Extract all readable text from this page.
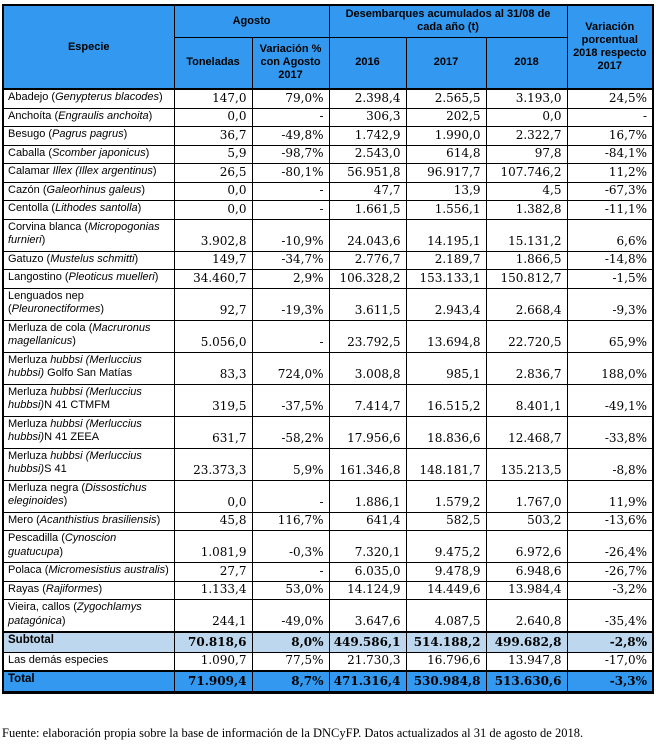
Especie	Agosto		Desembarques acumulados al 31/08 de cada año (t)			Variación porcentual 2018 respecto 2017
	Toneladas	Variación % con Agosto 2017	2016	2017	2018	
Abadejo (Genypterus blacodes)	147,0	79,0%	2.398,4	2.565,5	3.193,0	24,5%
Anchoíta (Engraulis anchoita)	0,0	-	306,3	202,5	0,0	-
Besugo (Pagrus pagrus)	36,7	-49,8%	1.742,9	1.990,0	2.322,7	16,7%
Caballa (Scomber japonicus)	5,9	-98,7%	2.543,0	614,8	97,8	-84,1%
Calamar Illex (Illex argentinus)	26,5	-80,1%	56.951,8	96.917,7	107.746,2	11,2%
Cazón (Galeorhinus galeus)	0,0	-	47,7	13,9	4,5	-67,3%
Centolla (Lithodes santolla)	0,0	-	1.661,5	1.556,1	1.382,8	-11,1%
Corvina blanca (Micropogonias furnieri)	3.902,8	-10,9%	24.043,6	14.195,1	15.131,2	6,6%
Gatuzo (Mustelus schmitti)	149,7	-34,7%	2.776,7	2.189,7	1.866,5	-14,8%
Langostino (Pleoticus muelleri)	34.460,7	2,9%	106.328,2	153.133,1	150.812,7	-1,5%
Lenguados nep (Pleuronectiformes)	92,7	-19,3%	3.611,5	2.943,4	2.668,4	-9,3%
Merluza de cola (Macruronus magellanicus)	5.056,0	-	23.792,5	13.694,8	22.720,5	65,9%
Merluza hubbsi (Merluccius hubbsi) Golfo San Matías	83,3	724,0%	3.008,8	985,1	2.836,7	188,0%
Merluza hubbsi (Merluccius hubbsi)N 41 CTMFM	319,5	-37,5%	7.414,7	16.515,2	8.401,1	-49,1%
Merluza hubbsi (Merluccius hubbsi)N 41 ZEEA	631,7	-58,2%	17.956,6	18.836,6	12.468,7	-33,8%
Merluza hubbsi (Merluccius hubbsi)S 41	23.373,3	5,9%	161.346,8	148.181,7	135.213,5	-8,8%
Merluza negra (Dissostichus eleginoides)	0,0	-	1.886,1	1.579,2	1.767,0	11,9%
Mero (Acanthistius brasiliensis)	45,8	116,7%	641,4	582,5	503,2	-13,6%
Pescadilla (Cynoscion guatucupa)	1.081,9	-0,3%	7.320,1	9.475,2	6.972,6	-26,4%
Polaca (Micromesistius australis)	27,7	-	6.035,0	9.478,9	6.948,6	-26,7%
Rayas (Rajiformes)	1.133,4	53,0%	14.124,9	14.449,6	13.984,4	-3,2%
Vieira, callos (Zygochlamys patagónica)	244,1	-49,0%	3.647,6	4.087,5	2.640,8	-35,4%
Subtotal	70.818,6	8,0%	449.586,1	514.188,2	499.682,8	-2,8%
Las demás especies	1.090,7	77,5%	21.730,3	16.796,6	13.947,8	-17,0%
Total	71.909,4	8,7%	471.316,4	530.984,8	513.630,6	-3,3%
Fuente: elaboración propia sobre la base de información de la DNCyFP. Datos actualizados al 31 de agosto de 2018.
